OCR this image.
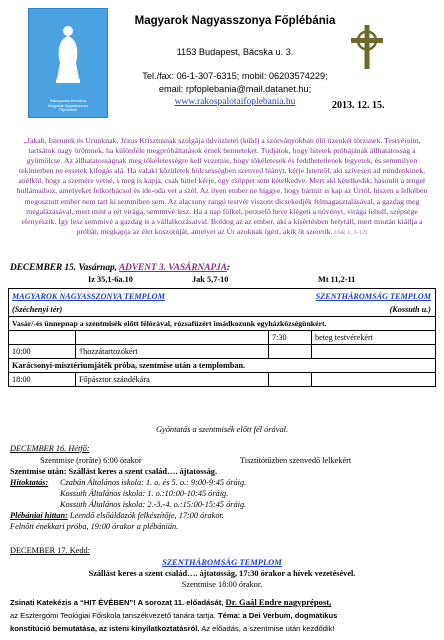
Rákospalota-Kertváros
Magyarok Nagyasszonya
Főplébánia
Magyarok Nagyasszonya Főplébánia
1153 Budapest, Bácska u. 3.
Tel./fax: 06-1-307-6315; mobil: 06203574229;
email: rpfoplebania@mail.datanet.hu;
www.rakospalotaifoplebania.hu	2013. 12. 15.
„Jakab, Istennek és Urunknak, Jézus Krisztusnak szolgája üdvözletet (küld) a szórványokban élő tizenkét törzsnek. Testvéreim, tartsátok nagy örömnek, ha különféle megpróbáltatások érnek benneteket. Tudjátok, hogy hitetek próbájának állhatatosság a gyümölcse. Az állhatatosságnak meg tökéletességre kell vezetnie, hogy tökéletesek és feddhetetlenek legyetek, és semmilyen tekintetben ne essetek kifogás alá. Ha valaki közületek bölcsességben szenved hiányt, kérje Istentől, aki szívesen ad mindenkinek, anélkül, hogy a szemére vetné, s meg is kapja, csak hittel kérje, egy csöppet sem kételkedve. Mert aki kételkedik, hasonlít a tenger hullámaihoz, amelyeket felkorbácsol és ide-oda vet a szél. Az ilyen ember ne higgye, hogy bármit is kap az Úrtól, hiszen a lelkében megosztott ember nem tart ki semmiben sem. Az alacsony rangú testvér viszont dicsekedjék felmagasztalásával, a gazdag meg megalázásával, mert mint a rét virága, semmivé lesz. Ha a nap fölkel, perzselő heve kiégeti a növényt, virága lehull, szépsége elenyészik. Így lesz semmivé a gazdag is a vállalkozásaival. Boldog az az ember, aki a kísértésben helytáll, mert miután kiállja a próbát, megkapja az élet koszorúját, amelyet az Úr azoknak ígért, akik őt szeretik. (Jak 1, 1-12)
DECEMBER 15. Vasárnap, ADVENT 3. VASÁRNAPJA:
Iz 35,1-6a.10	Jak 5,7-10	Mt 11,2-11
MAGYAROK NAGYASSZONYA TEMPLOM SZENTHÁROMSÁG TEMPLOM			

(Széchenyi tér) (Kossuth u.)			

Vasár/-és ünnepnap a szentmisék előtt félórával, rózsafüzért imádkozunk egyházközségünkért.			
		7:30	beteg testvérekért
10:00	†hozzátartozókért		
Karácsonyi-misztériumjáték próba, szentmise után a templomban.			
18:00	Főpásztor szándékára		
Gyóntatás a szentmisék előtt fél órával.
DECEMBER 16. Hétfő:
Szentmise (roráte) 6:00 órakor	Tisztítótűzben szenvedő lelkekért
Szentmise után: Szállást keres a szent család…. ájtatosság.
Hitoktatás: Czabán Általános iskola: 1. o. és 5. o.: 9:00-9:45 óráig.
Kossuth Általános iskola: 1. o.:10:00-10:45 óráig.
Kossuth Általános iskola: 2.-3.-4. o.:15:00-15:45 óráig.
Plébániai hittan: Leendő elsőáldozók felkészítője, 17:00 órakor.
Felnőtt énekkari próba, 19:00 órakor a plébánián.
DECEMBER 17. Kedd:
SZENTHÁROMSÁG TEMPLOM
Szállást keres a szent család…. ájtatosság, 17:30 órakor a hívek vezetésével.
Szentmise 18:00 órakor.
Zsinati Katekézis a “HIT ÉVÉBEN”! A sorozat 11. előadását, Dr. Gaál Endre nagyprépost,
az Esztergomi Teológiai Főiskola tanszékvezető tanára tartja. Téma: a Dei Verbum, dogmatikus
konstitúció bemutatása, az isteni kinyilatkoztatásról. Az előadás, a szentmise után kezdődik!
